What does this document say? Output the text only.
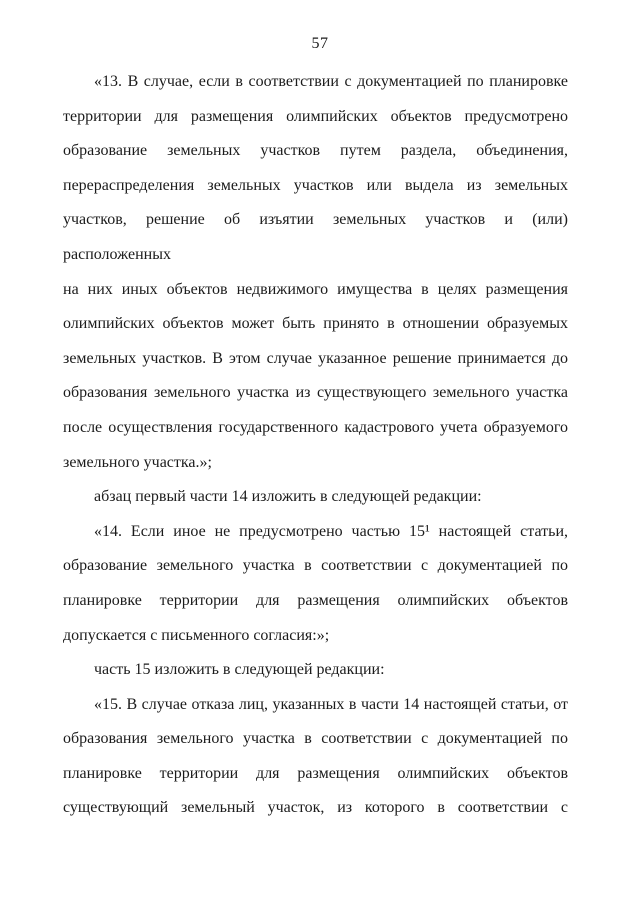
57

«13. В случае, если в соответствии с документацией по планировке
территории для размещения олимпийских объектов предусмотрено
образование земельных участков путем раздела, объединения,
перераспределения земельных участков или выдела из земельных
участков, решение об изъятии земельных участков и (или) расположенных
на них иных объектов недвижимого имущества в целях размещения
олимпийских объектов может быть принято в отношении образуемых
земельных участков. В этом случае указанное решение принимается до
образования земельного участка из существующего земельного участка
после осуществления государственного кадастрового учета образуемого
земельного участка.»;

абзац первый части 14 изложить в следующей редакции:

«14. Если иное не предусмотрено частью 15¹ настоящей статьи,
образование земельного участка в соответствии с документацией по
планировке территории для размещения олимпийских объектов
допускается с письменного согласия:»;

часть 15 изложить в следующей редакции:

«15. В случае отказа лиц, указанных в части 14 настоящей статьи, от
образования земельного участка в соответствии с документацией по
планировке территории для размещения олимпийских объектов
существующий земельный участок, из которого в соответствии с
